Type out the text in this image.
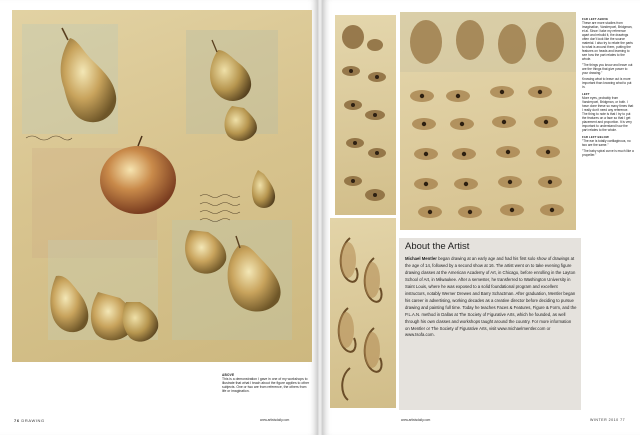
ABOVE
This is a demonstration I gave in one of my workshops to illustrate that what I teach about the figure applies to other subjects. One or two are from reference, the others from life or imagination.
76 DRAWING	www.artistsdaily.com
FAR LEFT ABOVE
These are more studies from imagination, Vanderpoel, Bridgman, et al. Since I take my reference apart and rebuild it, the drawings often don't look like the source material. I also try to relate the parts to what is around them, putting the features on heads and learning to see how the part relates to the whole.
"The things you know and leave out are the things that give power to your drawing."
Knowing what to leave out is more important than knowing what to put in.
LEFT
More eyes, probably from Vanderpoel, Bridgman, or both. I have done these so many times that I really don't need any reference. The thing to note is that I try to put the features on a face so that I get placement and proportion. It is very important to understand how the part relates to the whole.
FAR LEFT BELOW
"The ear is totally cartilaginous, no two are the same."
"The baby spiral curve is much like a propeller."
About the Artist
Michael Mentler began drawing at an early age and had his first solo show of drawings at the age of 14, followed by a second show at 16. The artist went on to take evening figure drawing classes at the American Academy of Art, in Chicago, before enrolling in the Layton School of Art, in Milwaukee. After a semester, he transferred to Washington University in Saint Louis, where he was exposed to a solid foundational program and excellent instructors, notably Werner Drewes and Barry Schactman. After graduation, Mentler began his career in advertising, working decades as a creative director before deciding to pursue drawing and painting full time. Today he teaches Faces & Features, Figure & Form, and the P.L.A.N. method in Dallas at The Society of Figurative Arts, which he founded, as well through his own classes and workshops taught around the country. For more information on Mentler or The Society of Figurative Arts, visit www.michaelmentler.com or www.tsofa.com.
www.artistsdaily.com	WINTER 2010 77
